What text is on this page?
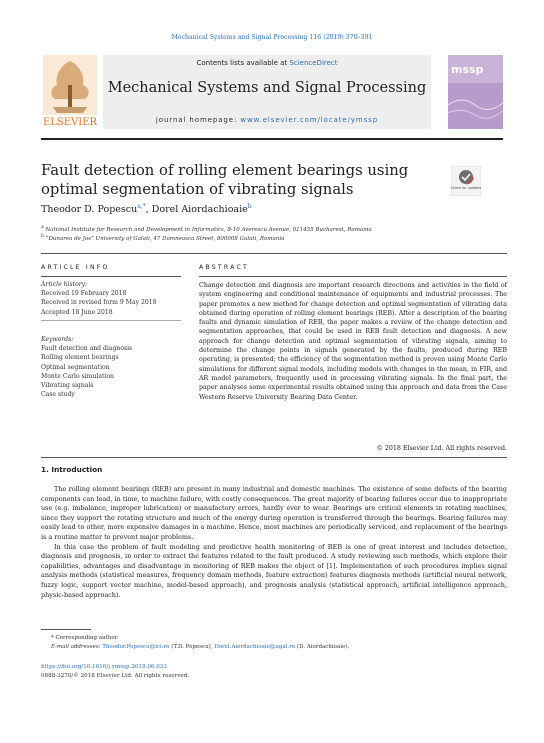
Mechanical Systems and Signal Processing 116 (2019) 370–391
ELSEVIER
Contents lists available at ScienceDirect
Mechanical Systems and Signal Processing
journal homepage: www.elsevier.com/locate/ymssp
mssp
Fault detection of rolling element bearings using optimal segmentation of vibrating signals	Check for updates
Theodor D. Popescu$^{a,*}$, Dorel Aiordachioaie$^b$
$^a$ National Institute for Research and Development in Informatics, 8-10 Averescu Avenue, 011455 Bucharest, Romania
$^b$ “Dunarea de Jos” University of Galati, 47 Domneasca Street, 800008 Galati, Romania
ARTICLE INFO	ABSTRACT
Article history:
Received 19 February 2018
Received in revised form 9 May 2018
Accepted 18 June 2018
Keywords:
Fault detection and diagnosis
Rolling element bearings
Optimal segmentation
Monte Carlo simulation
Vibrating signals
Case study
Change detection and diagnosis are important research directions and activities in the field of system engineering and conditional maintenance of equipments and industrial processes. The paper promotes a new method for change detection and optimal segmentation of vibrating data obtained during operation of rolling element bearings (REB). After a description of the bearing faults and dynamic simulation of REB, the paper makes a review of the change detection and segmentation approaches, that could be used in REB fault detection and diagnosis. A new approach for change detection and optimal segmentation of vibrating signals, aiming to determine the change points in signals generated by the faults, produced during REB operating, is presented; the efficiency of the segmentation method is proven using Monte Carlo simulations for different signal models, including models with changes in the mean, in FIR, and AR model parameters, frequently used in processing vibrating signals. In the final part, the paper analyses some experimental results obtained using this approach and data from the Case Western Reserve University Bearing Data Center.
© 2018 Elsevier Ltd. All rights reserved.
1. Introduction

The rolling element bearings (REB) are present in many industrial and domestic machines. The existence of some defects of the bearing components can lead, in time, to machine failure, with costly consequences. The great majority of bearing failures occur due to inappropriate use (e.g. imbalance, improper lubrication) or manufactory errors, hardly ever to wear. Bearings are critical elements in rotating machines, since they support the rotating structure and much of the energy during operation is transferred through the bearings. Bearing failures may easily lead to other, more expensive damages in a machine. Hence, most machines are periodically serviced, and replacement of the bearings is a routine matter to prevent major problems.

In this case the problem of fault modeling and predictive health monitoring of REB is one of great interest and includes detection, diagnosis and prognosis, in order to extract the features related to the fault produced. A study reviewing such methods, which explore their capabilities, advantages and disadvantage in monitoring of REB makes the object of [1]. Implementation of such procedures implies signal analysis methods (statistical measures, frequency domain methods, feature extraction) features diagnosis methods (artificial neural network, fuzzy logic, support vector machine, model-based approach), and prognosis analysis (statistical approach, artificial intelligence approach, physic-based approach).

* Corresponding author.
E-mail addresses: Theodor.Popescu@ici.ro (T.D. Popescu), Dorel.Aiordachioaie@ugal.ro (D. Aiordachioaie).
https://doi.org/10.1016/j.ymssp.2018.06.033
0888-3270/© 2018 Elsevier Ltd. All rights reserved.
